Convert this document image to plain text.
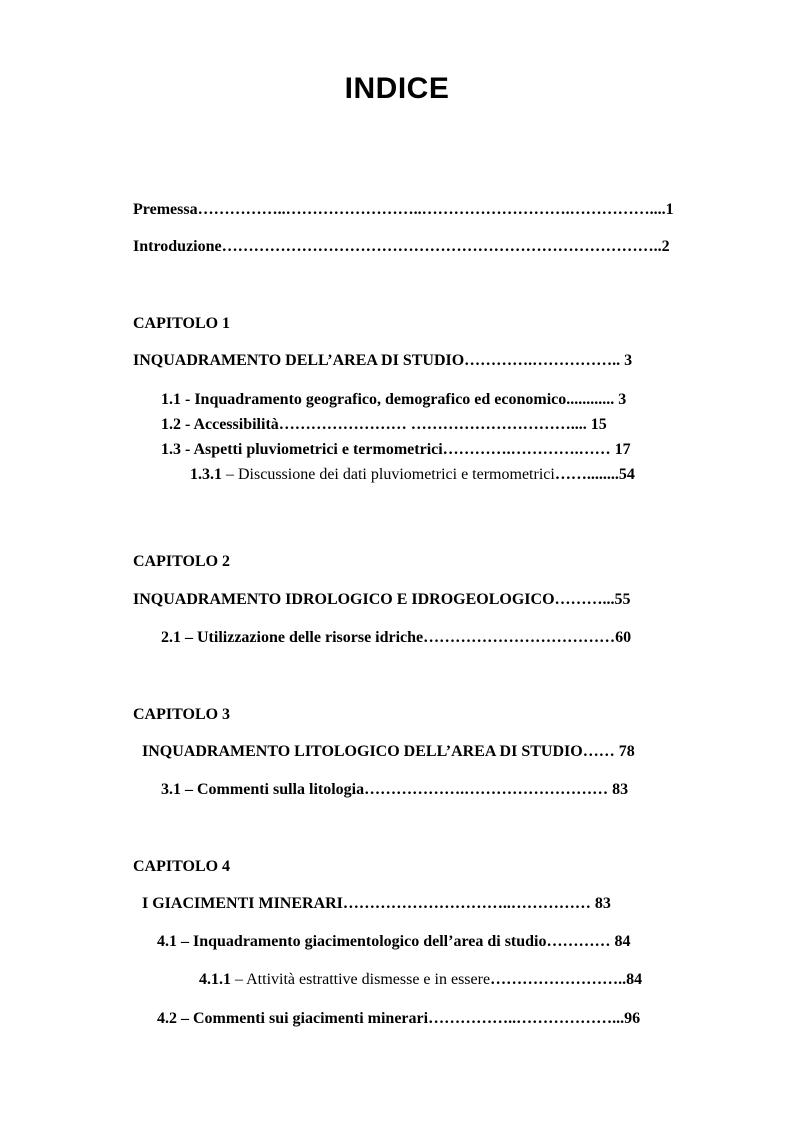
INDICE
Premessa……………..……………………..……………………….……………....1
Introduzione………………………………………………………………………..2
CAPITOLO 1
INQUADRAMENTO DELL’AREA DI STUDIO………….…………….. 3
1.1 - Inquadramento geografico, demografico ed economico............ 3
1.2 - Accessibilità…………………… ………………………….... 15
1.3 - Aspetti pluviometrici e termometrici………….………….…… 17
1.3.1 – Discussione dei dati pluviometrici e termometrici……........54
CAPITOLO 2
INQUADRAMENTO IDROLOGICO E IDROGEOLOGICO………...55
2.1 – Utilizzazione delle risorse idriche………………………………60
CAPITOLO 3
INQUADRAMENTO LITOLOGICO DELL’AREA DI STUDIO…… 78
3.1 – Commenti sulla litologia……………….……………………… 83
CAPITOLO 4
I GIACIMENTI MINERARI…………………………..…………… 83
4.1 – Inquadramento giacimentologico dell’area di studio………… 84
4.1.1 – Attività estrattive dismesse e in essere……………………..84
4.2 – Commenti sui giacimenti minerari……………..………………...96
